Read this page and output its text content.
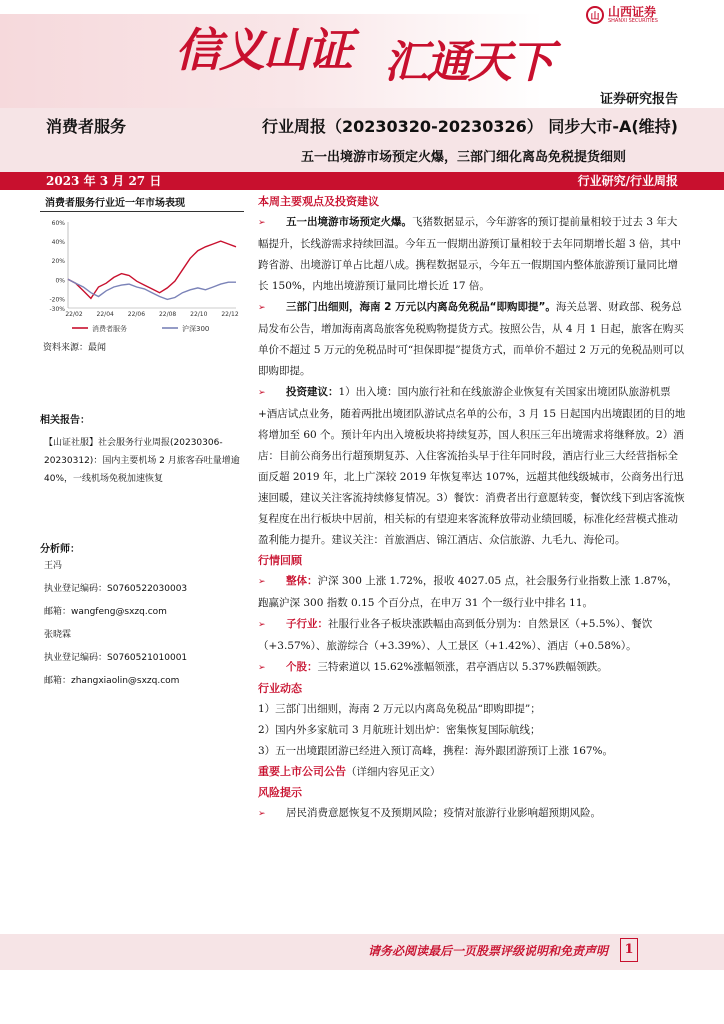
信义山证 汇通天下
山 山西证券
SHANXI SECURITIES
证券研究报告
消费者服务	行业周报（20230320-20230326） 同步大市-A(维持)
五一出境游市场预定火爆，三部门细化离岛免税提货细则
2023 年 3 月 27 日	行业研究/行业周报
消费者服务行业近一年市场表现
60%
40%
20%
0%
-20%
-30%
22/02 22/04 22/06 22/08 22/10 22/12
消费者服务	沪深300
资料来源：最闻
相关报告：
【山证社服】社会服务行业周报(20230306-20230312)：国内主要机场 2 月旅客吞吐量增逾 40%，一线机场免税加速恢复
分析师：
王冯
执业登记编码：S0760522030003
邮箱：wangfeng@sxzq.com
张晓霖
执业登记编码：S0760521010001
邮箱：zhangxiaolin@sxzq.com
本周主要观点及投资建议
➢ 五一出境游市场预定火爆。飞猪数据显示，今年游客的预订提前量相较于过去 3 年大幅提升，长线游需求持续回温。今年五一假期出游预订量相较于去年同期增长超 3 倍，其中跨省游、出境游订单占比超八成。携程数据显示，今年五一假期国内整体旅游预订量同比增长 150%，内地出境游预订量同比增长近 17 倍。
➢ 三部门出细则，海南 2 万元以内离岛免税品“即购即提”。海关总署、财政部、税务总局发布公告，增加海南离岛旅客免税购物提货方式。按照公告，从 4 月 1 日起，旅客在购买单价不超过 5 万元的免税品时可“担保即提”提货方式，而单价不超过 2 万元的免税品则可以即购即提。
➢ 投资建议：1）出入境：国内旅行社和在线旅游企业恢复有关国家出境团队旅游机票+酒店试点业务，随着两批出境团队游试点名单的公布，3 月 15 日起国内出境跟团的目的地将增加至 60 个。预计年内出入境板块将持续复苏，国人积压三年出境需求将继释放。2）酒店：目前公商务出行超预期复苏、入住客流抬头早于往年同时段，酒店行业三大经营指标全面反超 2019 年，北上广深较 2019 年恢复率达 107%，远超其他线级城市，公商务出行迅速回暖，建议关注客流持续修复情况。3）餐饮：消费者出行意愿转变，餐饮线下到店客流恢复程度在出行板块中居前，相关标的有望迎来客流释放带动业绩回暖，标准化经营模式推动盈利能力提升。建议关注：首旅酒店、锦江酒店、众信旅游、九毛九、海伦司。
行情回顾
➢ 整体：沪深 300 上涨 1.72%，报收 4027.05 点，社会服务行业指数上涨 1.87%，跑赢沪深 300 指数 0.15 个百分点，在申万 31 个一级行业中排名 11。
➢ 子行业：社服行业各子板块涨跌幅由高到低分别为：自然景区（+5.5%）、餐饮（+3.57%）、旅游综合（+3.39%）、人工景区（+1.42%）、酒店（+0.58%）。
➢ 个股：三特索道以 15.62%涨幅领涨，君亭酒店以 5.37%跌幅领跌。
行业动态
1）三部门出细则，海南 2 万元以内离岛免税品“即购即提”；
2）国内外多家航司 3 月航班计划出炉：密集恢复国际航线；
3）五一出境跟团游已经进入预订高峰，携程：海外跟团游预订上涨 167%。
重要上市公司公告（详细内容见正文）
风险提示
➢ 居民消费意愿恢复不及预期风险；疫情对旅游行业影响超预期风险。
请务必阅读最后一页股票评级说明和免责声明	1
